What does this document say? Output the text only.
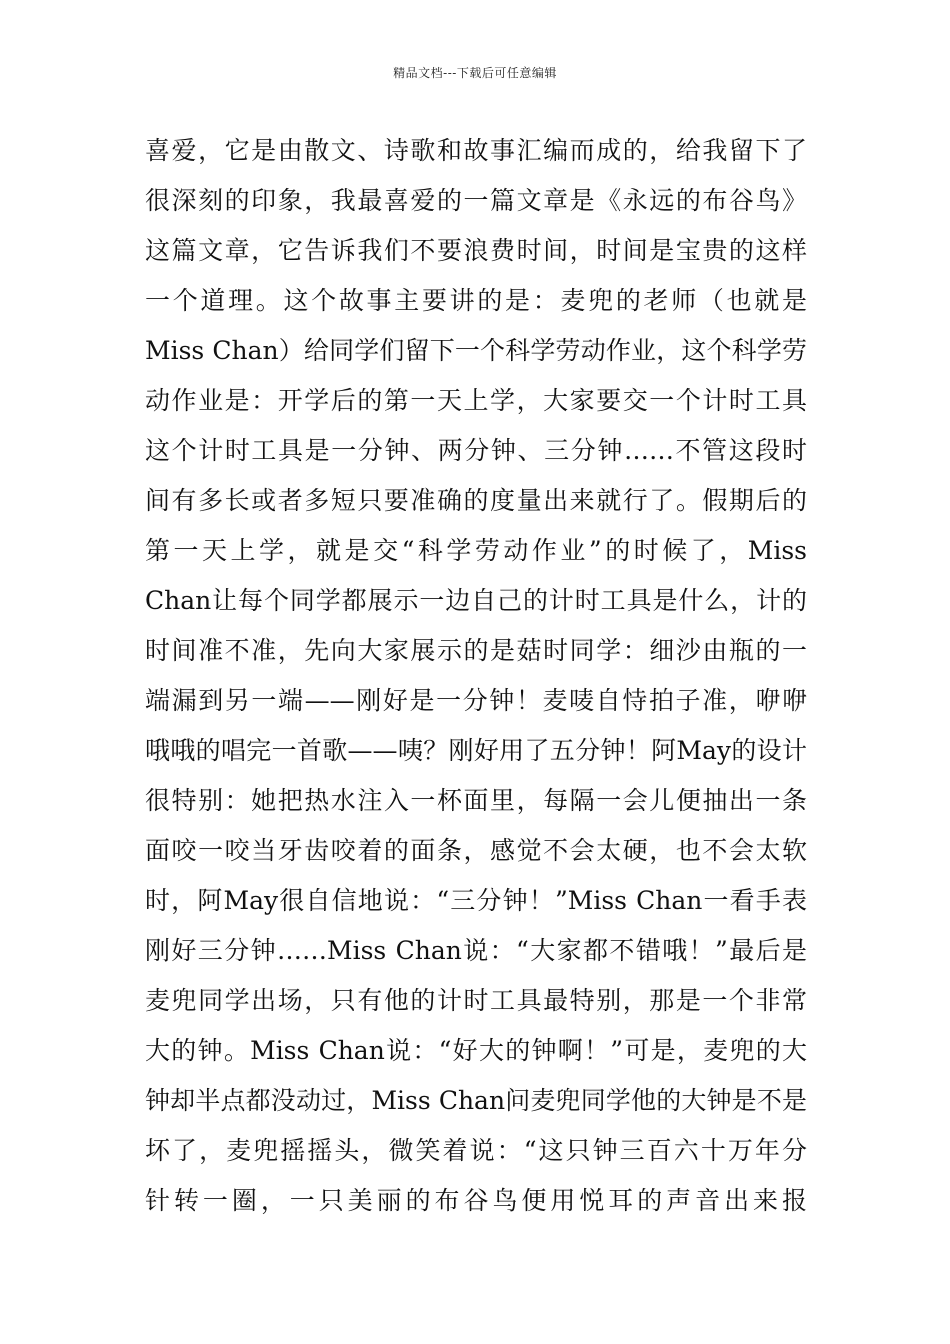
精品文档---下载后可任意编辑
喜爱，它是由散文、诗歌和故事汇编而成的，给我留下了
很深刻的印象，我最喜爱的一篇文章是《永远的布谷鸟》
这篇文章，它告诉我们不要浪费时间，时间是宝贵的这样
一个道理。这个故事主要讲的是：麦兜的老师（也就是
Miss Chan）给同学们留下一个科学劳动作业，这个科学劳
动作业是：开学后的第一天上学，大家要交一个计时工具
这个计时工具是一分钟、两分钟、三分钟……不管这段时
间有多长或者多短只要准确的度量出来就行了。假期后的
第一天上学，就是交“科学劳动作业”的时候了，Miss
Chan让每个同学都展示一边自己的计时工具是什么，计的
时间准不准，先向大家展示的是菇时同学：细沙由瓶的一
端漏到另一端——刚好是一分钟！麦唛自恃拍子准，咿咿
哦哦的唱完一首歌——咦？刚好用了五分钟！阿May的设计
很特别：她把热水注入一杯面里，每隔一会儿便抽出一条
面咬一咬当牙齿咬着的面条，感觉不会太硬，也不会太软
时，阿May很自信地说：“三分钟！”Miss Chan一看手表
刚好三分钟……Miss Chan说：“大家都不错哦！”最后是
麦兜同学出场，只有他的计时工具最特别，那是一个非常
大的钟。Miss Chan说：“好大的钟啊！”可是，麦兜的大
钟却半点都没动过，Miss Chan问麦兜同学他的大钟是不是
坏了，麦兜摇摇头，微笑着说：“这只钟三百六十万年分
针转一圈，一只美丽的布谷鸟便用悦耳的声音出来报
